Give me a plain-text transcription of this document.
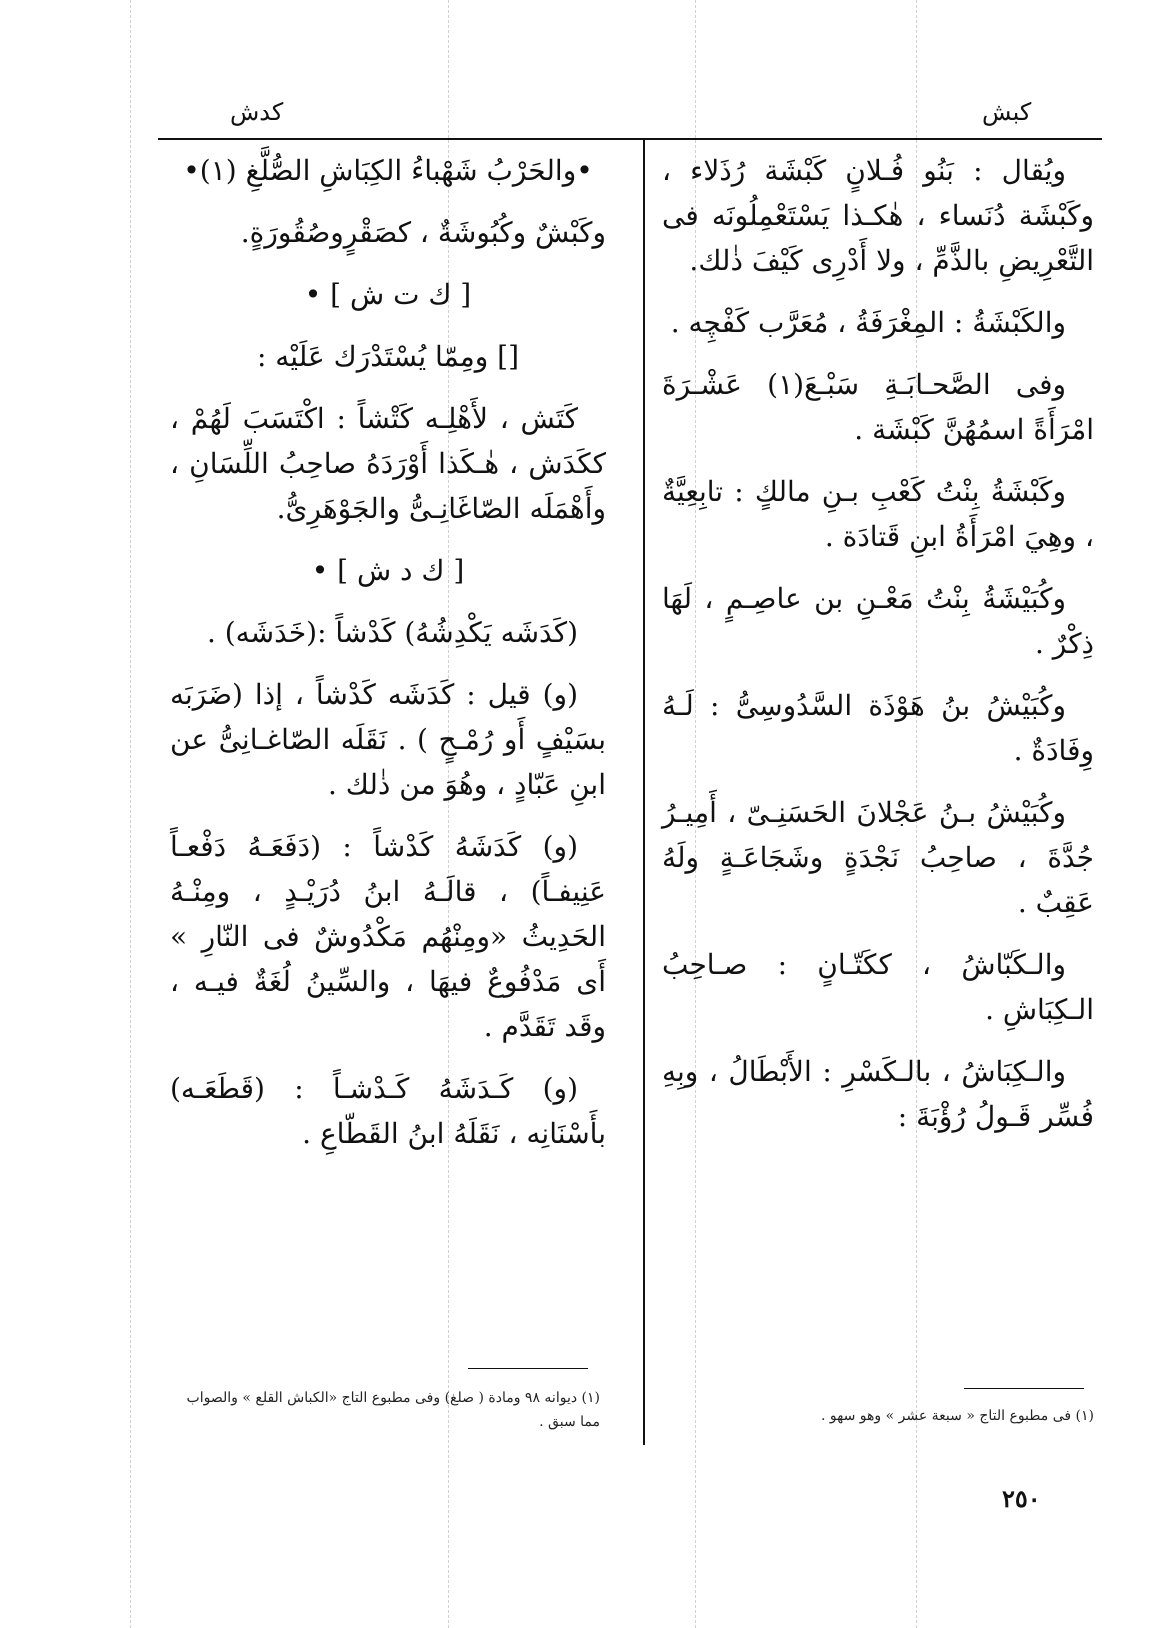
كدش	كبش

ويُقال : بَنُو فُـلانٍ كَبْشَة رُذَلاء ، وكَبْشَة دُنَساء ، هٰكـذا يَسْتَعْمِلُونَه فى التَّعْرِيضِ بالذَّمِّ ، ولا أَدْرِى كَيْفَ ذٰلك.

والكَبْشَةُ : المِغْرَفَةُ ، مُعَرَّب كَفْچِه .

وفى الصَّحـابَـةِ سَبْـعَ(١) عَشْـرَةَ امْرَأَةً اسمُهُنَّ كَبْشَة .

وكَبْشَةُ بِنْتُ كَعْبِ بـنِ مالكٍ : تابِعِيَّةٌ ، وهِيَ امْرَأَةُ ابنِ قَتادَة .

وكُبَيْشَةُ بِنْتُ مَعْـنِ بن عاصِـمٍ ، لَهَا ذِكْرٌ .

وكُبَيْشُ بنُ هَوْذَة السَّدُوسِىُّ : لَـهُ وِفَادَةٌ .

وكُبَيْشُ بـنُ عَجْلانَ الحَسَنِـىّ ، أَمِيـرُ جُدَّةَ ، صاحِبُ نَجْدَةٍ وشَجَاعَـةٍ ولَهُ عَقِبٌ .

والـكَبّاشُ ، ككَتّـانٍ : صـاحِبُ الـكِبَاشِ .

والـكِبَاشُ ، بالـكَسْرِ : الأَبْطَالُ ، وبِهِ فُسِّر قَـولُ رُؤْبَةَ :

•والحَرْبُ شَهْباءُ الكِبَاشِ الصُّلَّغِ (١)•

وكَبْشٌ وكُبُوشَةٌ ، كصَقْرٍوصُقُورَةٍ.

[ ك ت ش ] •

[] ومِمّا يُسْتَدْرَك عَلَيْه :

كَتَش ، لأَهْلِـه كَتْشاً : اكْتَسَبَ لَهُمْ ، ككَدَش ، هٰـكَذا أَوْرَدَهُ صاحِبُ اللِّسَانِ ، وأَهْمَلَه الصّاغَانِـىُّ والجَوْهَرِىُّ.

[ ك د ش ] •

(كَدَشَه يَكْدِشُهُ) كَدْشاً :(خَدَشَه) .

(و) قيل : كَدَشَه كَدْشاً ، إذا (ضَرَبَه بسَيْفٍ أَو رُمْـحٍ ) . نَقَلَه الصّاغـانِىُّ عن ابنِ عَبّادٍ ، وهُوَ من ذٰلك .

(و) كَدَشَهُ كَدْشاً : (دَفَعَـهُ دَفْعـاً عَنِيفـاً) ، قالَـهُ ابنُ دُرَيْـدٍ ، ومِنْـهُ الحَدِيثُ «ومِنْهُم مَكْدُوشٌ فى النّارِ » أَى مَدْفُوعٌ فيهَا ، والسِّينُ لُغَةٌ فيـه ، وقَد تَقَدَّم .

(و) كَـدَشَهُ كَـدْشـاً : (قَطَعَـه) بأَسْنَانِه ، نَقَلَهُ ابنُ القَطّاعِ .

(١) ديوانه ٩٨ ومادة ( صلغ) وفى مطبوع التاج «الكباش القلع » والصواب مما سبق .	(١) فى مطبوع التاج « سبعة عشر » وهو سهو .
٢٥٠
